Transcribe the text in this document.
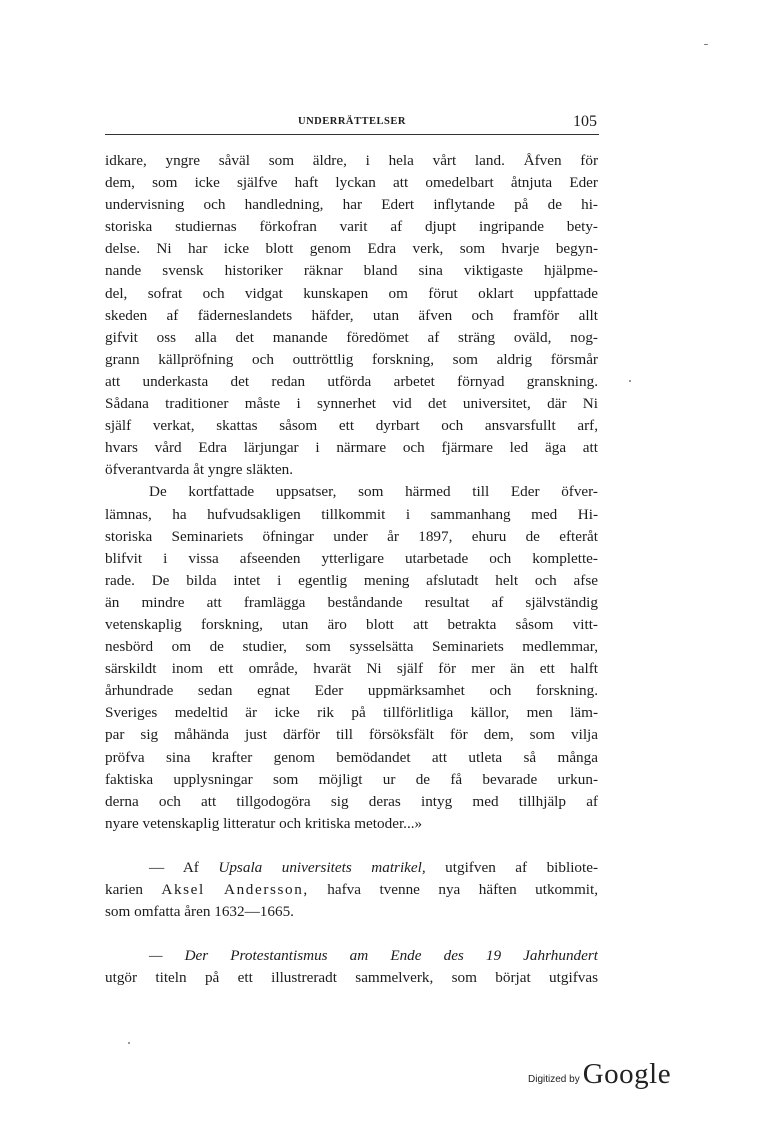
UNDERRÄTTELSER	105
idkare, yngre såväl som äldre, i hela vårt land. Åfven för
dem, som icke själfve haft lyckan att omedelbart åtnjuta Eder
undervisning och handledning, har Edert inflytande på de hi-
storiska studiernas förkofran varit af djupt ingripande bety-
delse. Ni har icke blott genom Edra verk, som hvarje begyn-
nande svensk historiker räknar bland sina viktigaste hjälpme-
del, sofrat och vidgat kunskapen om förut oklart uppfattade
skeden af fäderneslandets häfder, utan äfven och framför allt
gifvit oss alla det manande föredömet af sträng oväld, nog-
grann källpröfning och outtröttlig forskning, som aldrig försmår
att underkasta det redan utförda arbetet förnyad granskning.
Sådana traditioner måste i synnerhet vid det universitet, där Ni
själf verkat, skattas såsom ett dyrbart och ansvarsfullt arf,
hvars vård Edra lärjungar i närmare och fjärmare led äga att
öfverantvarda åt yngre släkten.
De kortfattade uppsatser, som härmed till Eder öfver-
lämnas, ha hufvudsakligen tillkommit i sammanhang med Hi-
storiska Seminariets öfningar under år 1897, ehuru de efteråt
blifvit i vissa afseenden ytterligare utarbetade och komplette-
rade. De bilda intet i egentlig mening afslutadt helt och afse
än mindre att framlägga beståndande resultat af självständig
vetenskaplig forskning, utan äro blott att betrakta såsom vitt-
nesbörd om de studier, som sysselsätta Seminariets medlemmar,
särskildt inom ett område, hvarät Ni själf för mer än ett halft
århundrade sedan egnat Eder uppmärksamhet och forskning.
Sveriges medeltid är icke rik på tillförlitliga källor, men läm-
par sig måhända just därför till försöksfält för dem, som vilja
pröfva sina krafter genom bemödandet att utleta så många
faktiska upplysningar som möjligt ur de få bevarade urkun-
derna och att tillgodogöra sig deras intyg med tillhjälp af
nyare vetenskaplig litteratur och kritiska metoder...»
— Af Upsala universitets matrikel, utgifven af bibliote-
karien Aksel Andersson, hafva tvenne nya häften utkommit,
som omfatta åren 1632—1665.
— Der Protestantismus am Ende des 19 Jahrhundert
utgör titeln på ett illustreradt sammelverk, som börjat utgifvas
Digitized by Google
